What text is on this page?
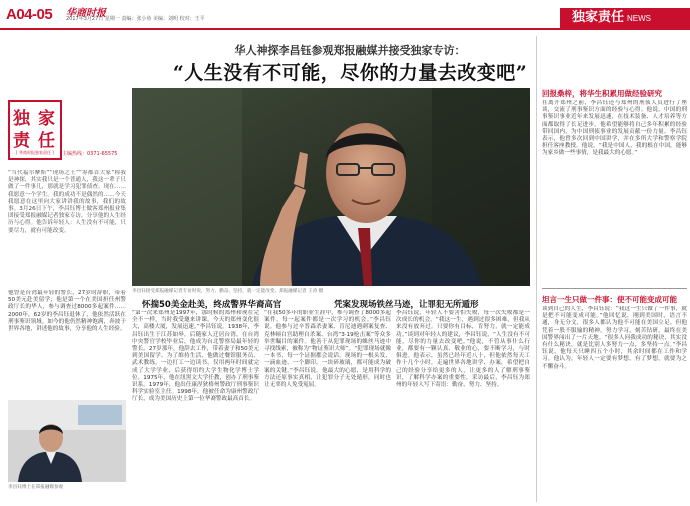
A04-05 华商时报
2017年3月27日 星期一 责编：张小鱼 美编：刘明 校对：王平	独家责任 NEWS
华人神探李昌钰参观郑报融媒并接受独家专访：
“人生没有不可能，尽你的力量去改变吧”
独 家
责 任
[ 华商时报独家责任 ]	主编热线：0371-65575
“当代福尔摩斯”“现场之王”“筹都首大家”称我是神探，其实我只是一个普通人，我这一辈子只做了一件事儿，那就是学习犯罪侦查。现在……我愿意一个学生。我的成功不是偶然的……今天我愿意在这里向大家讲讲我的故事，我们的故事。3月26日下午，李昌钰博士做客郑州报业集团接受郑报融媒记者独家专访，分享他的人生经历与心得。他告诉年轻人：人生没有不可能，只要尽力，就有可能改变。
他曾是台湾最年轻的警长，27岁时辞职，带着50美元赴美留学；他是第一个在美国担任州警政厅长的华人，参与调查过8000多起案件……2000年，62岁的李昌钰退休了，他依然活跃在刑事鉴识领域。如今的他仍然精神饱满，奔波于世界各地，讲述他的故事，分享他的人生经验。
李昌钰接受郑报融媒记者专访时说，努力、勤奋、坚持，就一定能改变。郑报融媒记者 王涛 摄
怀揣50美金赴美，终成警界华裔高官	凭案发现场铁丝马迹，让罪犯无所遁形
“第一次来郑州是1997年，那时候的郑州和现在完全不一样，当时我受邀来讲课，今天的郑州变化很大，高楼大厦，发展迅速。”李昌钰说。1938年，李昌钰出生于江苏如皋，后随家人迁居台湾。在台湾中央警官学校毕业后，他成为台北警察局最年轻的警长。27岁那年，他辞去工作，带着妻子和50美元到美国留学。为了维持生活，他做过餐馆服务员、武术教练，一边打工一边读书，仅用两年时间就完成了大学学业，后获得纽约大学生物化学博士学位。1975年，他在纽黑文大学任教，创办了刑事鉴识系。1979年，他出任康涅狄格州警政厅刑事鉴识科学实验室主任。1998年，他被任命为康州警政厅厅长，成为美国历史上第一位华裔警政最高首长。
“在我50多年的职业生涯中，参与调查了8000多起案件，每一起案件都是一次学习的机会。”李昌钰说。他参与过辛普森杀妻案、肯尼迪遇刺案复查、克林顿白宫助理自杀案、台湾“3·19枪击案”等众多举世瞩目的案件。他善于从犯罪现场的蛛丝马迹中寻找线索，被称为“物证鉴识大师”。“犯罪现场就像一本书，每一个证据都会说话。现场的一根头发、一滴血迹、一个脚印、一块碎玻璃，都可能成为破案的关键。”李昌钰说，他最大的心愿，是用科学的方法还原事实真相，让犯罪分子无处遁形，同时也让无辜的人免受冤屈。
李昌钰说，年轻人不要害怕失败，每一次失败都是一次成长的机会。“我这一生，遇到过很多困难，但我从来没有放弃过。只要你有目标，肯努力，就一定能成功。”谈到对年轻人的建议，李昌钰说，“人生没有不可能，尽你的力量去改变吧。”他说，不管从事什么行业，都要有一颗认真、敬业的心，要不断学习，与时俱进。他表示，虽然已经年近八十，但他依然每天工作十几个小时，走遍世界各地讲学、办案，希望把自己的经验分享给更多的人，让更多的人了解刑事鉴识，了解科学办案的重要性。采访最后，李昌钰为郑州的年轻人写下寄语：勤奋、努力、坚持。
李昌钰博士在郑报融媒参观
回报桑梓，将华生积累用做经验研究
在离开郑州之前，李昌钰还与郑州的刑侦人员进行了座谈，交流了刑事鉴识方面的经验与心得。他说，中国的刑事鉴识事业近年来发展迅速，在技术装备、人才培养等方面都取得了长足进步。他希望能够将自己多年积累的经验带回国内，为中国刑侦事业的发展贡献一份力量。李昌钰表示，他曾多次回到中国讲学，并在多所大学和警察学院担任客座教授。他说，“我是中国人，我的根在中国，能够为家乡做一些事情，是我最大的心愿。”
坦言一生只做一件事：使不可能变成可能
谈到自己的人生，李昌钰说：“我这一生只做了一件事，就是把不可能变成可能。”他回忆说，刚到美国时，语言不通，身无分文，很多人都认为他不可能在美国立足。但他凭着一股不服输的精神，努力学习，刻苦钻研，最终在美国警界闯出了一片天地。“很多人问我成功的秘诀，其实没有什么秘诀，就是比别人多努力一点，多坚持一点。”李昌钰说，他每天只睡四五个小时，其余时间都在工作和学习。他认为，年轻人一定要有梦想，有了梦想，就要为之不懈奋斗。
